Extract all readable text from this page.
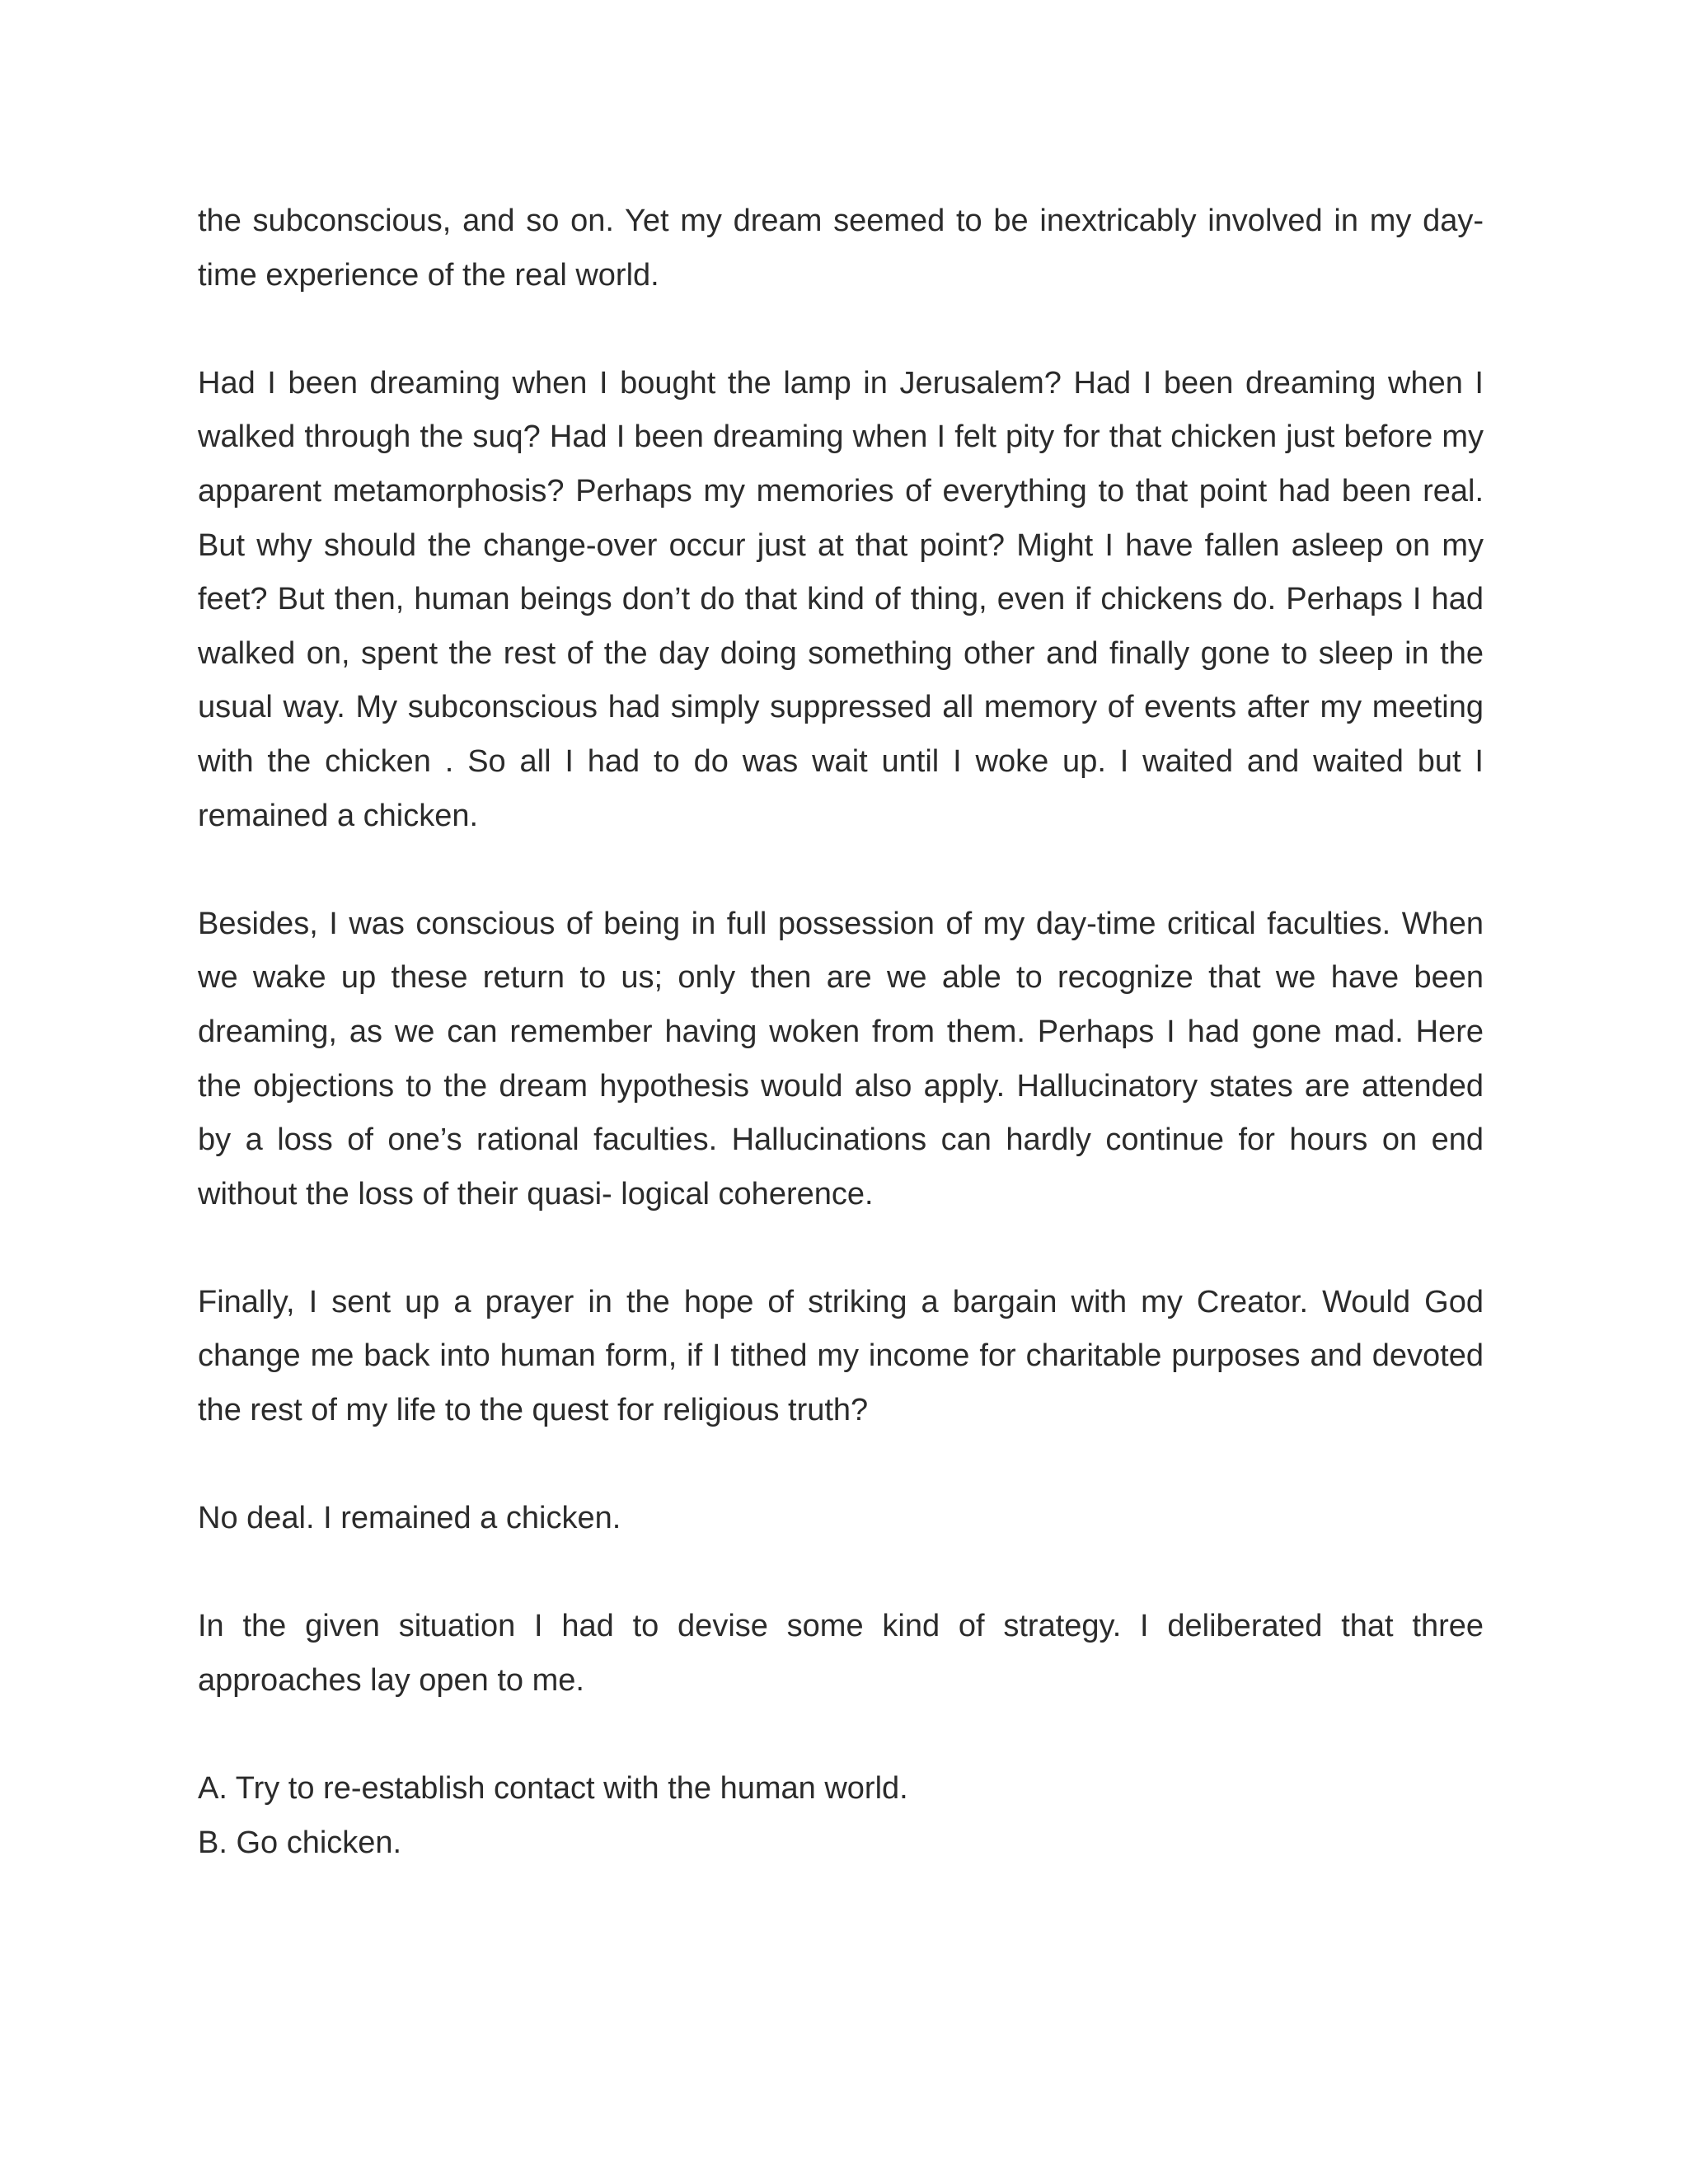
the subconscious, and so on. Yet my dream seemed to be inextricably involved in my day-time experience of the real world.

Had I been dreaming when I bought the lamp in Jerusalem? Had I been dreaming when I walked through the suq? Had I been dreaming when I felt pity for that chicken just before my apparent metamorphosis? Perhaps my memories of everything to that point had been real. But why should the change-over occur just at that point? Might I have fallen asleep on my feet? But then, human beings don’t do that kind of thing, even if chickens do. Perhaps I had walked on, spent the rest of the day doing something other and finally gone to sleep in the usual way. My subconscious had simply suppressed all memory of events after my meeting with the chicken . So all I had to do was wait until I woke up. I waited and waited but I remained a chicken.

Besides, I was conscious of being in full possession of my day-time critical faculties. When we wake up these return to us; only then are we able to recognize that we have been dreaming, as we can remember having woken from them. Perhaps I had gone mad. Here the objections to the dream hypothesis would also apply. Hallucinatory states are attended by a loss of one’s rational faculties. Hallucinations can hardly continue for hours on end without the loss of their quasi- logical coherence.

Finally, I sent up a prayer in the hope of striking a bargain with my Creator. Would God change me back into human form, if I tithed my income for charitable purposes and devoted the rest of my life to the quest for religious truth?

No deal. I remained a chicken.

In the given situation I had to devise some kind of strategy. I deliberated that three approaches lay open to me.

A. Try to re-establish contact with the human world.
B. Go chicken.
